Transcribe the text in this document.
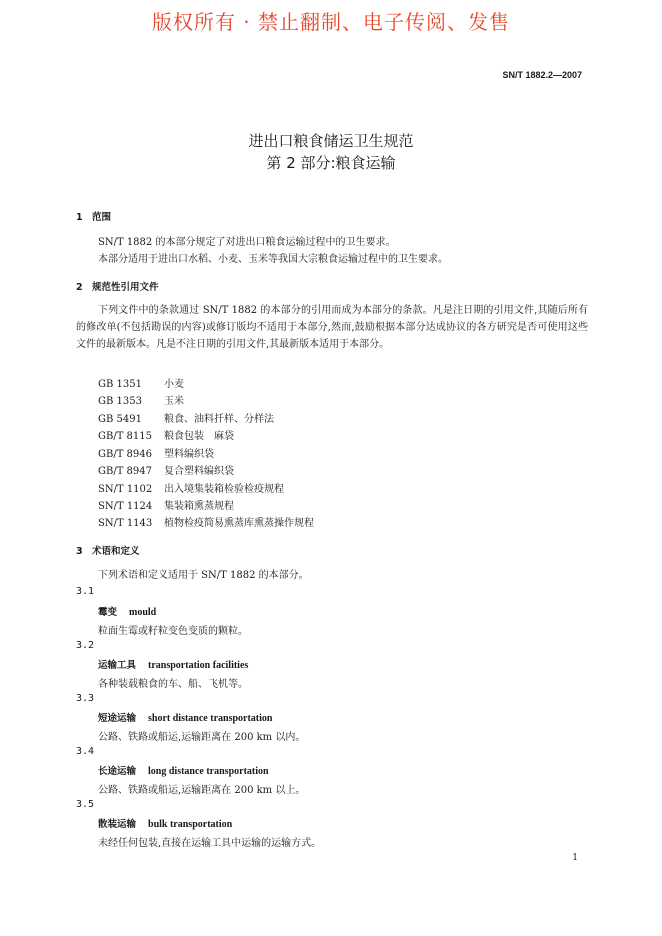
版权所有 · 禁止翻制、电子传阅、发售
SN/T 1882.2—2007
进出口粮食储运卫生规范
第 2 部分:粮食运输
1 范围
SN/T 1882 的本部分规定了对进出口粮食运输过程中的卫生要求。
本部分适用于进出口水稻、小麦、玉米等我国大宗粮食运输过程中的卫生要求。
2 规范性引用文件
下列文件中的条款通过 SN/T 1882 的本部分的引用而成为本部分的条款。凡是注日期的引用文件,其随后所有的修改单(不包括勘误的内容)或修订版均不适用于本部分,然而,鼓励根据本部分达成协议的各方研究是否可使用这些文件的最新版本。凡是不注日期的引用文件,其最新版本适用于本部分。
GB 1351 小麦
GB 1353 玉米
GB 5491 粮食、油料扦样、分样法
GB/T 8115 粮食包装　麻袋
GB/T 8946 塑料编织袋
GB/T 8947 复合塑料编织袋
SN/T 1102 出入境集装箱检验检疫规程
SN/T 1124 集装箱熏蒸规程
SN/T 1143 植物检疫简易熏蒸库熏蒸操作规程
3 术语和定义
下列术语和定义适用于 SN/T 1882 的本部分。
3.1
霉变 mould
粒面生霉或籽粒变色变质的颗粒。
3.2
运输工具 transportation facilities
各种装载粮食的车、船、飞机等。
3.3
短途运输 short distance transportation
公路、铁路或船运,运输距离在 200 km 以内。
3.4
长途运输 long distance transportation
公路、铁路或船运,运输距离在 200 km 以上。
3.5
散装运输 bulk transportation
未经任何包装,直接在运输工具中运输的运输方式。
1
